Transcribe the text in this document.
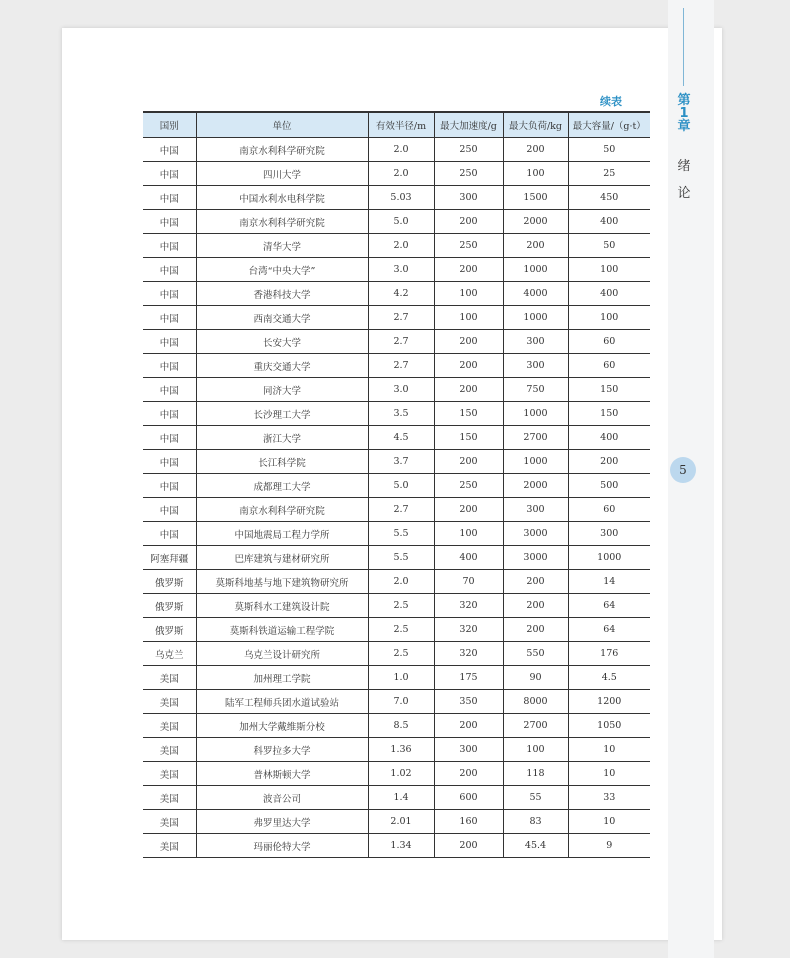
第
1
章
绪
论
5
续表
国别	单位	有效半径/m	最大加速度/g	最大负荷/kg	最大容量/（g·t）
中国	南京水利科学研究院	2.0	250	200	50
中国	四川大学	2.0	250	100	25
中国	中国水利水电科学院	5.03	300	1500	450
中国	南京水利科学研究院	5.0	200	2000	400
中国	清华大学	2.0	250	200	50
中国	台湾“中央大学”	3.0	200	1000	100
中国	香港科技大学	4.2	100	4000	400
中国	西南交通大学	2.7	100	1000	100
中国	长安大学	2.7	200	300	60
中国	重庆交通大学	2.7	200	300	60
中国	同济大学	3.0	200	750	150
中国	长沙理工大学	3.5	150	1000	150
中国	浙江大学	4.5	150	2700	400
中国	长江科学院	3.7	200	1000	200
中国	成都理工大学	5.0	250	2000	500
中国	南京水利科学研究院	2.7	200	300	60
中国	中国地震局工程力学所	5.5	100	3000	300
阿塞拜疆	巴库建筑与建材研究所	5.5	400	3000	1000
俄罗斯	莫斯科地基与地下建筑物研究所	2.0	70	200	14
俄罗斯	莫斯科水工建筑设计院	2.5	320	200	64
俄罗斯	莫斯科铁道运输工程学院	2.5	320	200	64
乌克兰	乌克兰设计研究所	2.5	320	550	176
美国	加州理工学院	1.0	175	90	4.5
美国	陆军工程师兵团水道试验站	7.0	350	8000	1200
美国	加州大学戴维斯分校	8.5	200	2700	1050
美国	科罗拉多大学	1.36	300	100	10
美国	普林斯顿大学	1.02	200	118	10
美国	波音公司	1.4	600	55	33
美国	弗罗里达大学	2.01	160	83	10
美国	玛丽伦特大学	1.34	200	45.4	9
